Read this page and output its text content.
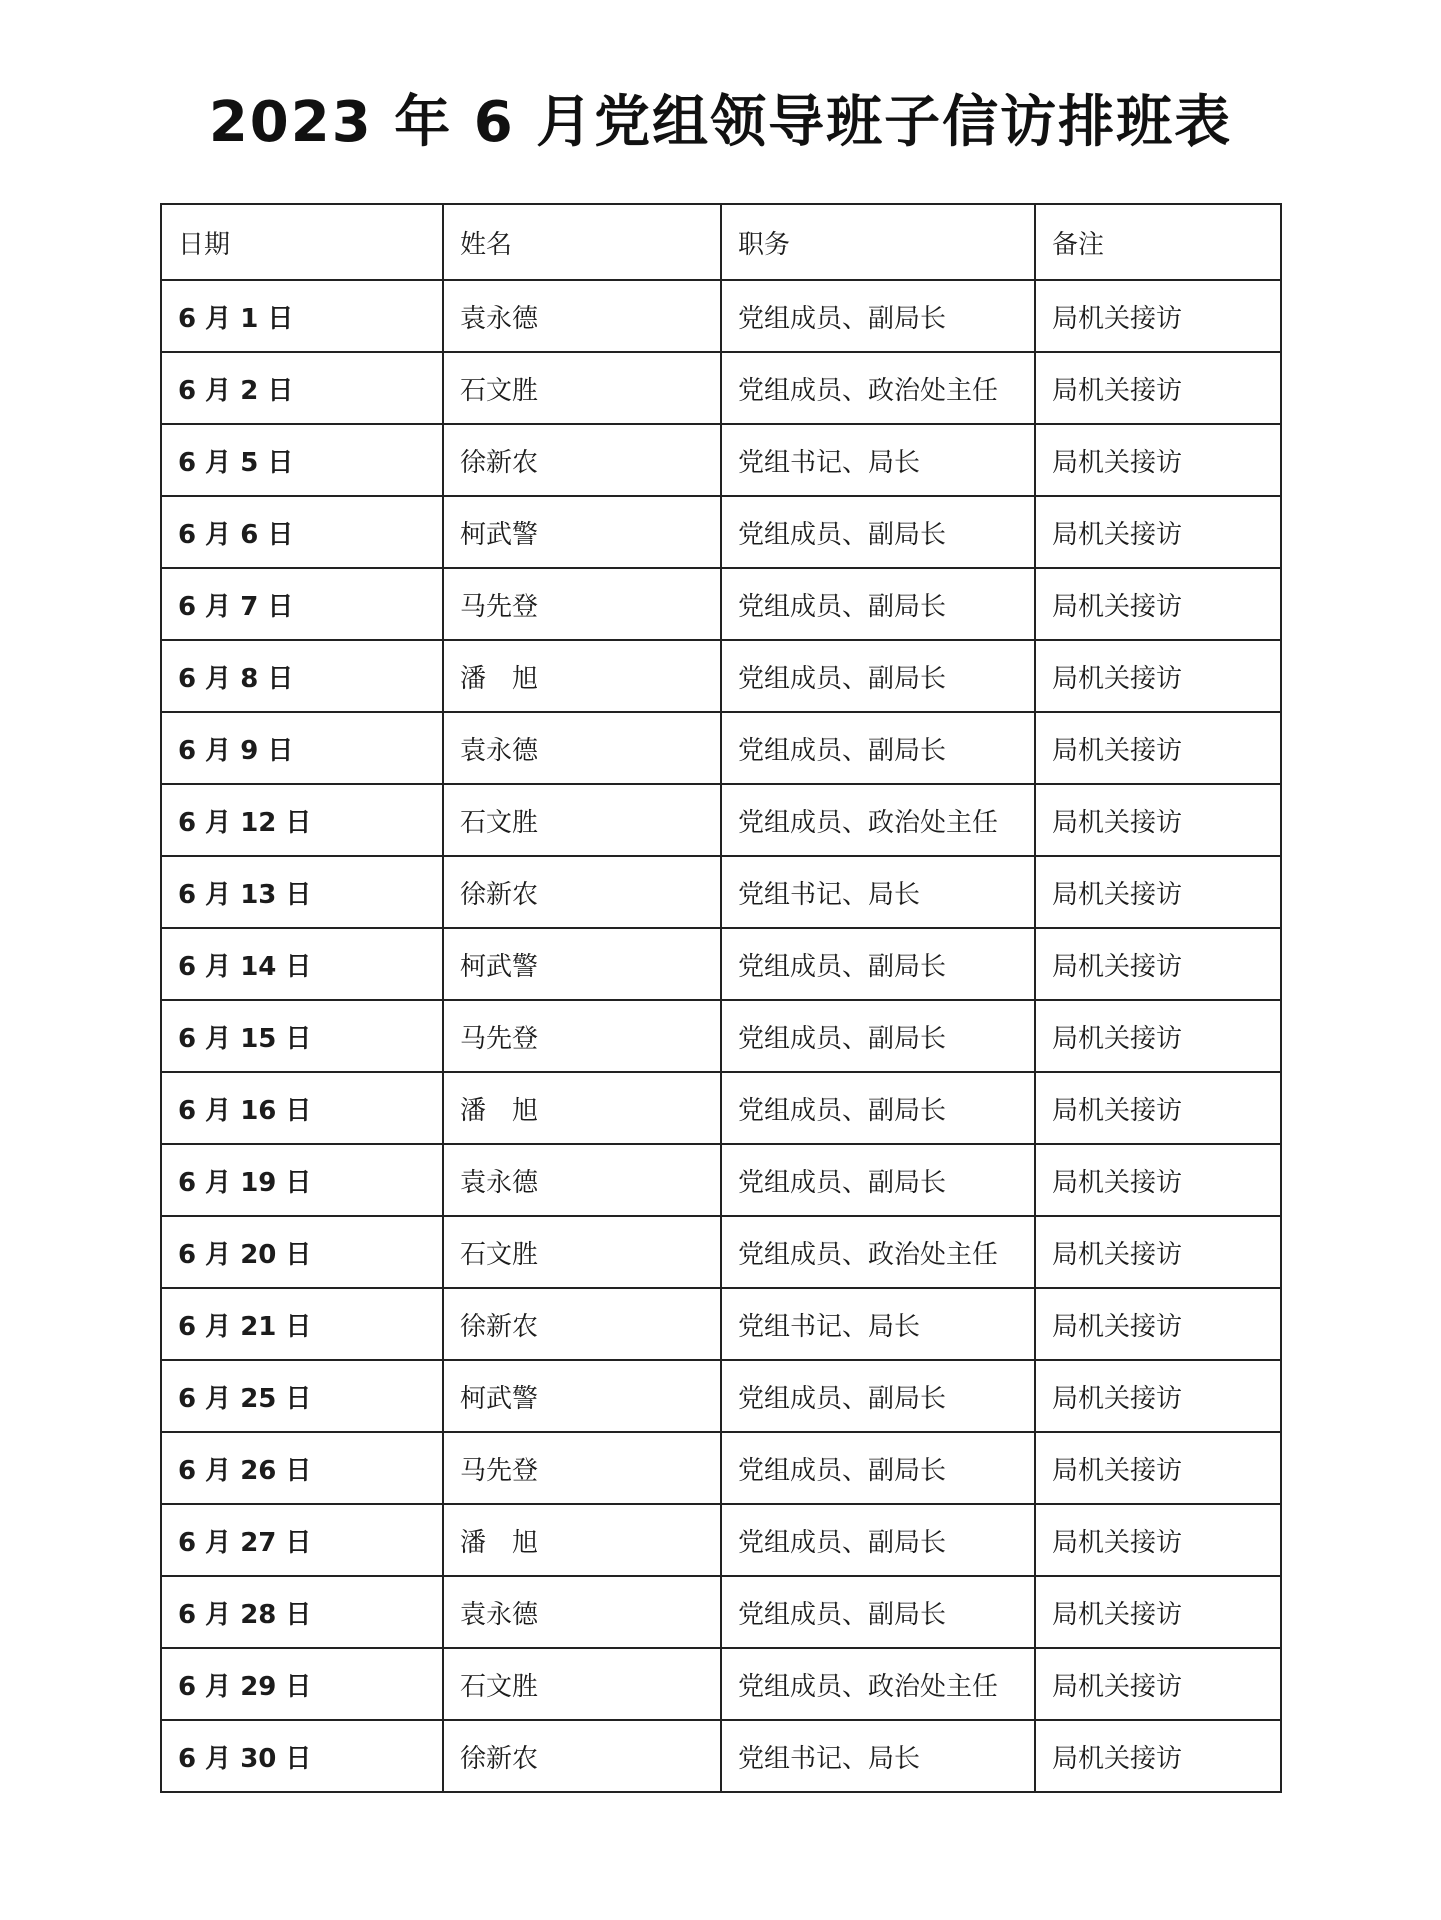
2023 年 6 月党组领导班子信访排班表
日期	姓名	职务	备注
6 月 1 日	袁永德	党组成员、副局长	局机关接访
6 月 2 日	石文胜	党组成员、政治处主任	局机关接访
6 月 5 日	徐新农	党组书记、局长	局机关接访
6 月 6 日	柯武警	党组成员、副局长	局机关接访
6 月 7 日	马先登	党组成员、副局长	局机关接访
6 月 8 日	潘　旭	党组成员、副局长	局机关接访
6 月 9 日	袁永德	党组成员、副局长	局机关接访
6 月 12 日	石文胜	党组成员、政治处主任	局机关接访
6 月 13 日	徐新农	党组书记、局长	局机关接访
6 月 14 日	柯武警	党组成员、副局长	局机关接访
6 月 15 日	马先登	党组成员、副局长	局机关接访
6 月 16 日	潘　旭	党组成员、副局长	局机关接访
6 月 19 日	袁永德	党组成员、副局长	局机关接访
6 月 20 日	石文胜	党组成员、政治处主任	局机关接访
6 月 21 日	徐新农	党组书记、局长	局机关接访
6 月 25 日	柯武警	党组成员、副局长	局机关接访
6 月 26 日	马先登	党组成员、副局长	局机关接访
6 月 27 日	潘　旭	党组成员、副局长	局机关接访
6 月 28 日	袁永德	党组成员、副局长	局机关接访
6 月 29 日	石文胜	党组成员、政治处主任	局机关接访
6 月 30 日	徐新农	党组书记、局长	局机关接访
